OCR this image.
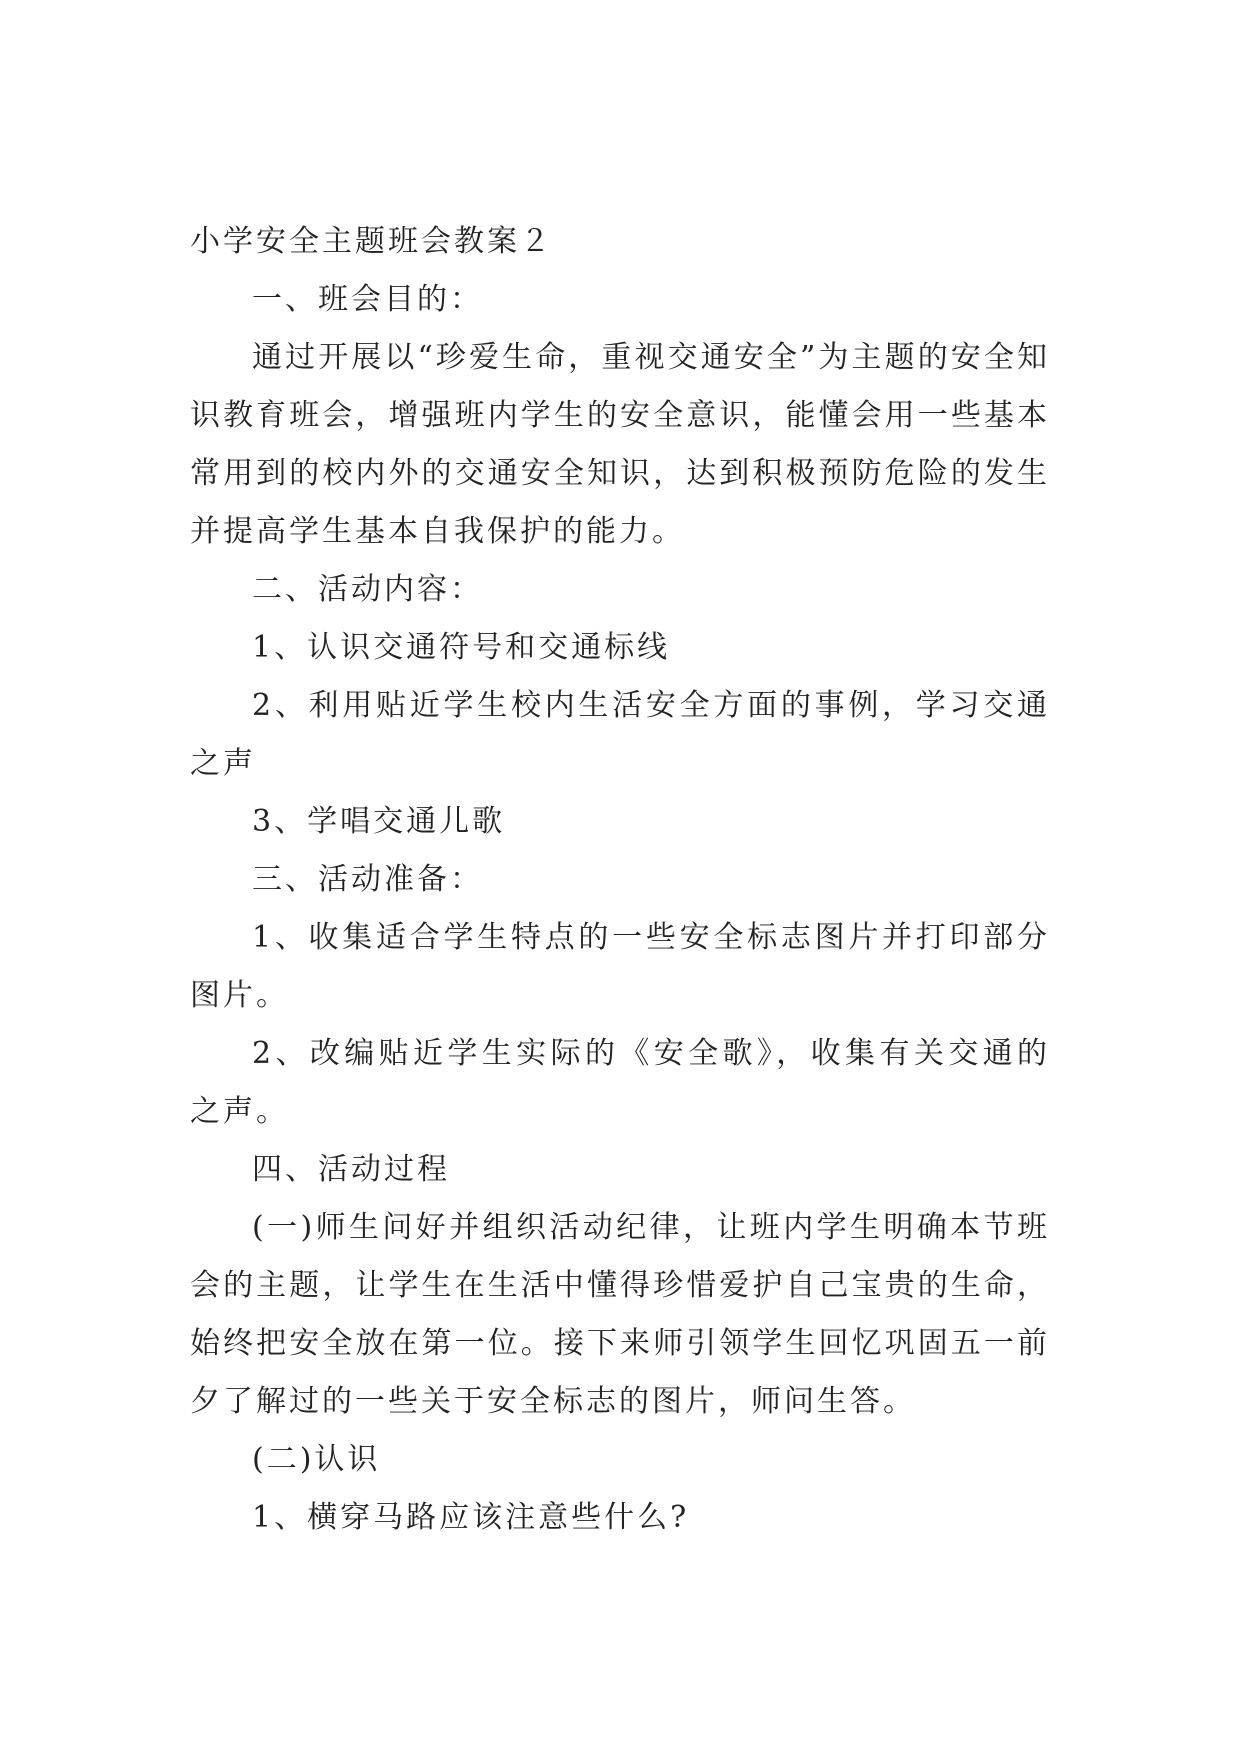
小学安全主题班会教案２

一、班会目的：

通过开展以“珍爱生命，重视交通安全”为主题的安全知识教育班会，增强班内学生的安全意识，能懂会用一些基本常用到的校内外的交通安全知识，达到积极预防危险的发生并提高学生基本自我保护的能力。

二、活动内容：

1、认识交通符号和交通标线

2、利用贴近学生校内生活安全方面的事例，学习交通之声

3、学唱交通儿歌

三、活动准备：

1、收集适合学生特点的一些安全标志图片并打印部分图片。

2、改编贴近学生实际的《安全歌》，收集有关交通的之声。

四、活动过程

(一)师生问好并组织活动纪律，让班内学生明确本节班会的主题，让学生在生活中懂得珍惜爱护自己宝贵的生命，始终把安全放在第一位。接下来师引领学生回忆巩固五一前夕了解过的一些关于安全标志的图片，师问生答。

(二)认识

1、横穿马路应该注意些什么?
